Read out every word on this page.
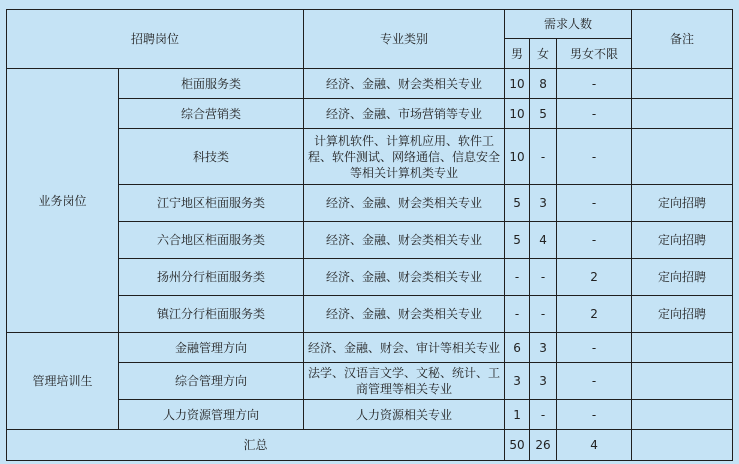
招聘岗位		专业类别	需求人数			备注
			男	女	男女不限	
业务岗位	柜面服务类	经济、金融、财会类相关专业	10	8	-	
	综合营销类	经济、金融、市场营销等专业	10	5	-	
	科技类	计算机软件、计算机应用、软件工程、软件测试、网络通信、信息安全等相关计算机类专业	10	-	-	
	江宁地区柜面服务类	经济、金融、财会类相关专业	5	3	-	定向招聘
	六合地区柜面服务类	经济、金融、财会类相关专业	5	4	-	定向招聘
	扬州分行柜面服务类	经济、金融、财会类相关专业	-	-	2	定向招聘
	镇江分行柜面服务类	经济、金融、财会类相关专业	-	-	2	定向招聘
管理培训生	金融管理方向	经济、金融、财会、审计等相关专业	6	3	-	
	综合管理方向	法学、汉语言文学、文秘、统计、工商管理等相关专业	3	3	-	
	人力资源管理方向	人力资源相关专业	1	-	-	
汇总			50	26	4	
